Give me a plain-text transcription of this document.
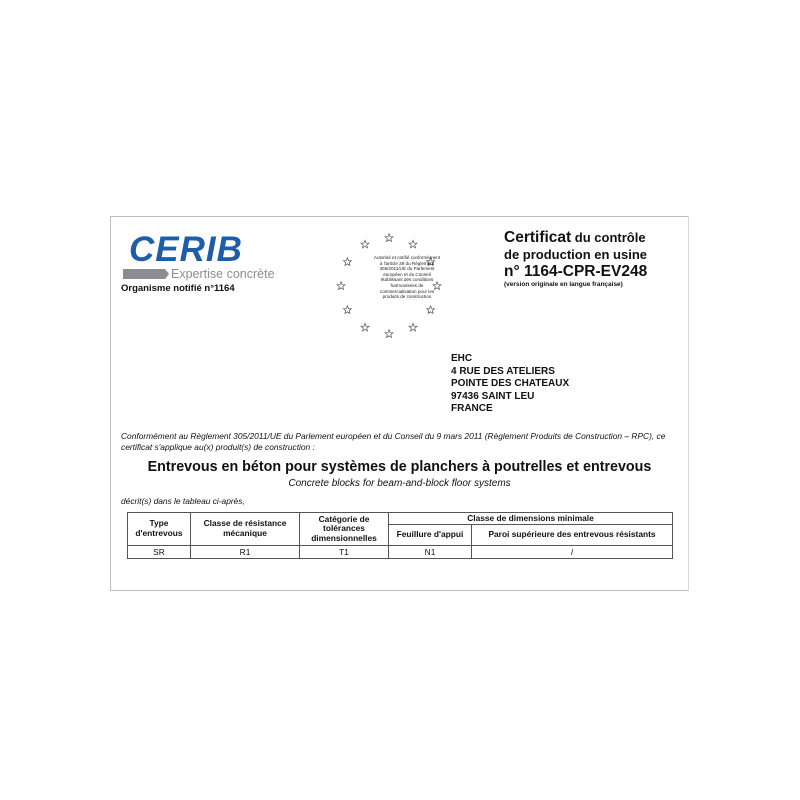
CERIB
Expertise concrète
Organisme notifié n°1164
Autorisé et notifié conformément à l'article 39 du Règlement 305/2011/UE du Parlement européen et du Conseil établissant des conditions harmonisées de commercialisation pour les produits de construction
Certificat du contrôle
de production en usine
n° 1164-CPR-EV248
(version originale en langue française)
EHC
4 RUE DES ATELIERS
POINTE DES CHATEAUX
97436 SAINT LEU
FRANCE
Conformément au Règlement 305/2011/UE du Parlement européen et du Conseil du 9 mars 2011 (Règlement Produits de Construction – RPC), ce certificat s'applique au(x) produit(s) de construction :
Entrevous en béton pour systèmes de planchers à poutrelles et entrevous
Concrete blocks for beam-and-block floor systems
décrit(s) dans le tableau ci-après,
Type d'entrevous	Classe de résistance mécanique	Catégorie de tolérances dimensionnelles	Classe de dimensions minimale	
			Feuillure d'appui	Paroi supérieure des entrevous résistants
SR	R1	T1	N1	/
